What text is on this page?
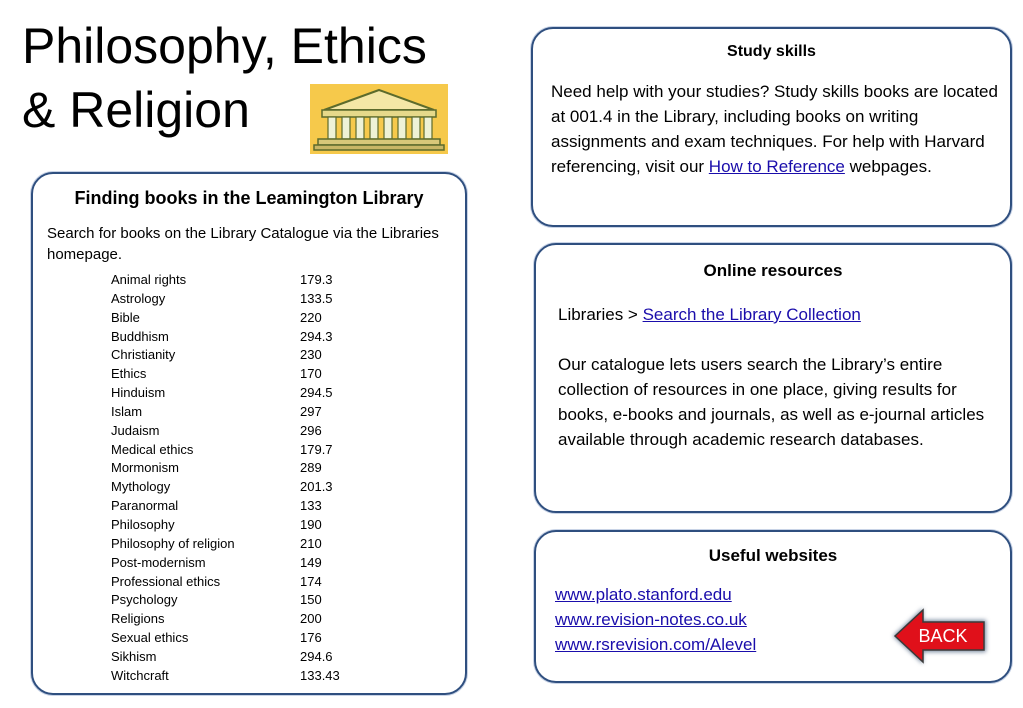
Philosophy, Ethics
& Religion
Finding books in the Leamington Library

Search for books on the Library Catalogue via the Libraries homepage.

Animal rights	179.3
Astrology	133.5
Bible	220
Buddhism	294.3
Christianity	230
Ethics	170
Hinduism	294.5
Islam	297
Judaism	296
Medical ethics	179.7
Mormonism	289
Mythology	201.3
Paranormal	133
Philosophy	190
Philosophy of religion	210
Post-modernism	149
Professional ethics	174
Psychology	150
Religions	200
Sexual ethics	176
Sikhism	294.6
Witchcraft	133.43
Study skills

Need help with your studies? Study skills books are located at 001.4 in the Library, including books on writing assignments and exam techniques. For help with Harvard referencing, visit our How to Reference webpages.

Online resources

Libraries > Search the Library Collection

Our catalogue lets users search the Library’s entire collection of resources in one place, giving results for books, e-books and journals, as well as e-journal articles available through academic research databases.

Useful websites
www.plato.stanford.edu
www.revision-notes.co.uk
www.rsrevision.com/Alevel	BACK
